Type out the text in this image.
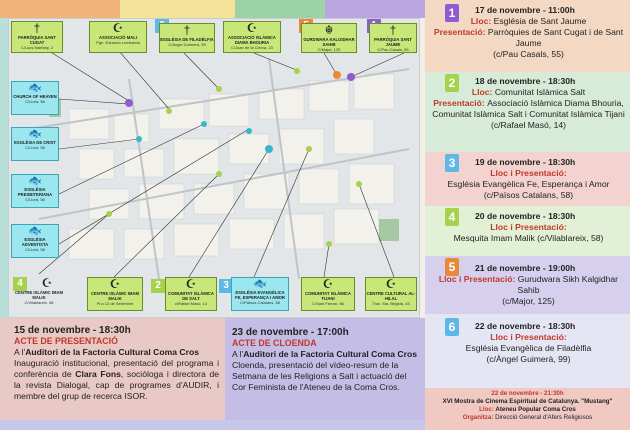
†
PARRÒQUIA SANT CUGAT
C/Lluís Marfany, 2
☪
ASSOCIACIÓ MALI
Pge. Eduardo Lombarda
†
ESGLÉSIA DE FILADÈLFIA
C/Àngel Guimerà, 99
☪
ASSOCIACIÓ ISLÀMICA DIAMA BHOURIA
C/Joan de la Cierva, 23
☬
GURDWARA KALGIDHAR SAHIB
C/Major, 125
†
PARRÒQUIA SANT JAUME
C/Pau Casals, 55
🐟
CHURCH OF HEAVEN
C/Llorà, 58
🐟
ESGLÉSIA DE CRIST
C/Llorà, 58
🐟
ESGLÉSIA PRESBITERIANA
C/Llorà, 58
🐟
ESGLÉSIA ADVENTISTA
C/Llorà, 58
4	☪
CENTRE ISLÀMIC IMAM MALIK
C/Vilablareix, 58
☪
CENTRE ISLÀMIC IMAM MALIK
Pl.a 12 de Setembre
2	☪
COMUNITAT ISLÀMICA DE SALT
c/Rafael Masó, 14
3	🐟
ESGLÉSIA EVANGÈLICA FE, ESPERANÇA I AMOR
C/Països Catalans, 58
☪
COMUNITAT ISLÀMICA TIJANI
C/Sant Ferran, 66
☪
CENTRE CULTURAL AL-HILAL
Trav. Sta. Brígida, 45
15 de novembre - 18:30h
ACTE DE PRESENTACIÓ
A l'Auditori de la Factoria Cultural Coma Cros
Inauguració institucional, presentació del programa i conferència de Clara Fons, sociòloga i directora de la revista Dialogal, cap de programes d'AUDIR, i membre del grup de recerca ISOR.
23 de novembre - 17:00h
ACTE DE CLOENDA
A l'Auditori de la Factoria Cultural Coma Cros
Cloenda, presentació del vídeo-resum de la Setmana de les Religions a Salt i actuació del Cor Feminista de l'Ateneu de la Coma Cros.
1	17 de novembre - 11:00h
Lloc: Església de Sant Jaume
Presentació: Parròquies de Sant Cugat i de Sant Jaume
(c/Pau Casals, 55)
2	18 de novembre - 18:30h
Lloc: Comunitat Islàmica Salt
Presentació: Associació Islàmica Diama Bhouria, Comunitat Islàmica Salt i Comunitat Islàmica Tijani
(c/Rafael Masó, 14)
3	19 de novembre - 18:30h
Lloc i Presentació:
Església Evangèlica Fe, Esperança i Amor
(c/Països Catalans, 58)
4	20 de novembre - 18:30h
Lloc i Presentació:
Mesquita Imam Malik (c/Vilablareix, 58)
5	21 de novembre - 19:00h
Lloc i Presentació: Gurudwara Sikh Kalgidhar Sahib
(c/Major, 125)
6	22 de novembre - 18:30h
Lloc i Presentació:
Església Evangèlica de Filadèlfia
(c/Àngel Guimerà, 99)
22 de novembre - 21:30h
XVI Mostra de Cinema Espiritual de Catalunya. "Mustang"
Lloc: Ateneu Popular Coma Cros
Organitza: Direcció General d'Afers Religiosos
